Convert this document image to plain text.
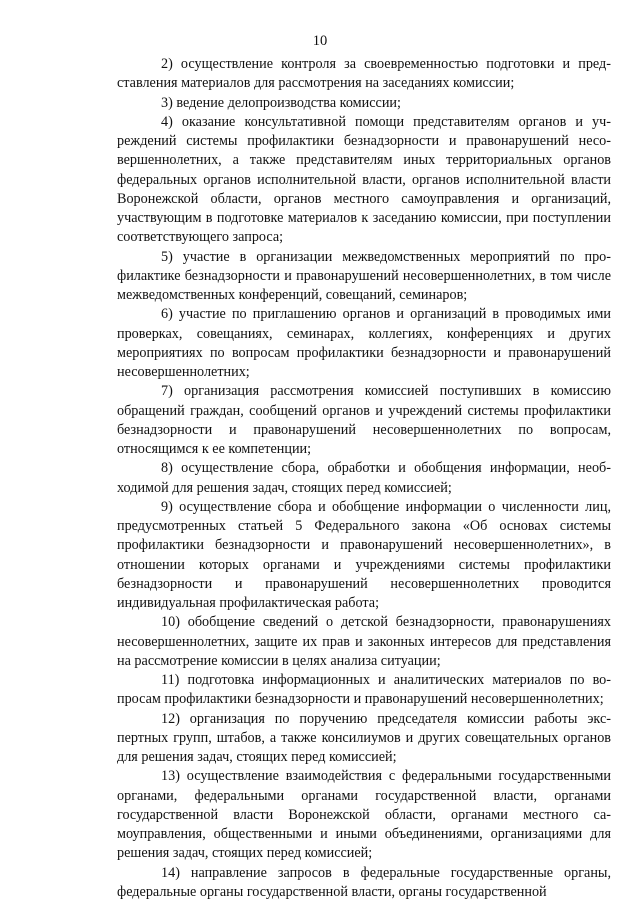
10

2) осуществление контроля за своевременностью подготовки и представления материалов для рассмотрения на заседаниях комиссии;

3) ведение делопроизводства комиссии;

4) оказание консультативной помощи представителям органов и учреждений системы профилактики безнадзорности и правонарушений несовершеннолетних, а также представителям иных территориальных органов федеральных органов исполнительной власти, органов исполнительной власти Воронежской области, органов местного самоуправления и организаций, участвующим в подготовке материалов к заседанию комиссии, при поступлении соответствующего запроса;

5) участие в организации межведомственных мероприятий по профилактике безнадзорности и правонарушений несовершеннолетних, в том числе межведомственных конференций, совещаний, семинаров;

6) участие по приглашению органов и организаций в проводимых ими проверках, совещаниях, семинарах, коллегиях, конференциях и других мероприятиях по вопросам профилактики безнадзорности и правонарушений несовершеннолетних;

7) организация рассмотрения комиссией поступивших в комиссию обращений граждан, сообщений органов и учреждений системы профилактики безнадзорности и правонарушений несовершеннолетних по вопросам, относящимся к ее компетенции;

8) осуществление сбора, обработки и обобщения информации, необходимой для решения задач, стоящих перед комиссией;

9) осуществление сбора и обобщение информации о численности лиц, предусмотренных статьей 5 Федерального закона «Об основах системы профилактики безнадзорности и правонарушений несовершеннолетних», в отношении которых органами и учреждениями системы профилактики безнадзорности и правонарушений несовершеннолетних проводится индивидуальная профилактическая работа;

10) обобщение сведений о детской безнадзорности, правонарушениях несовершеннолетних, защите их прав и законных интересов для представления на рассмотрение комиссии в целях анализа ситуации;

11) подготовка информационных и аналитических материалов по вопросам профилактики безнадзорности и правонарушений несовершеннолетних;

12) организация по поручению председателя комиссии работы экспертных групп, штабов, а также консилиумов и других совещательных органов для решения задач, стоящих перед комиссией;

13) осуществление взаимодействия с федеральными государственными органами, федеральными органами государственной власти, органами государственной власти Воронежской области, органами местного самоуправления, общественными и иными объединениями, организациями для решения задач, стоящих перед комиссией;

14) направление запросов в федеральные государственные органы, федеральные органы государственной власти, органы государственной
